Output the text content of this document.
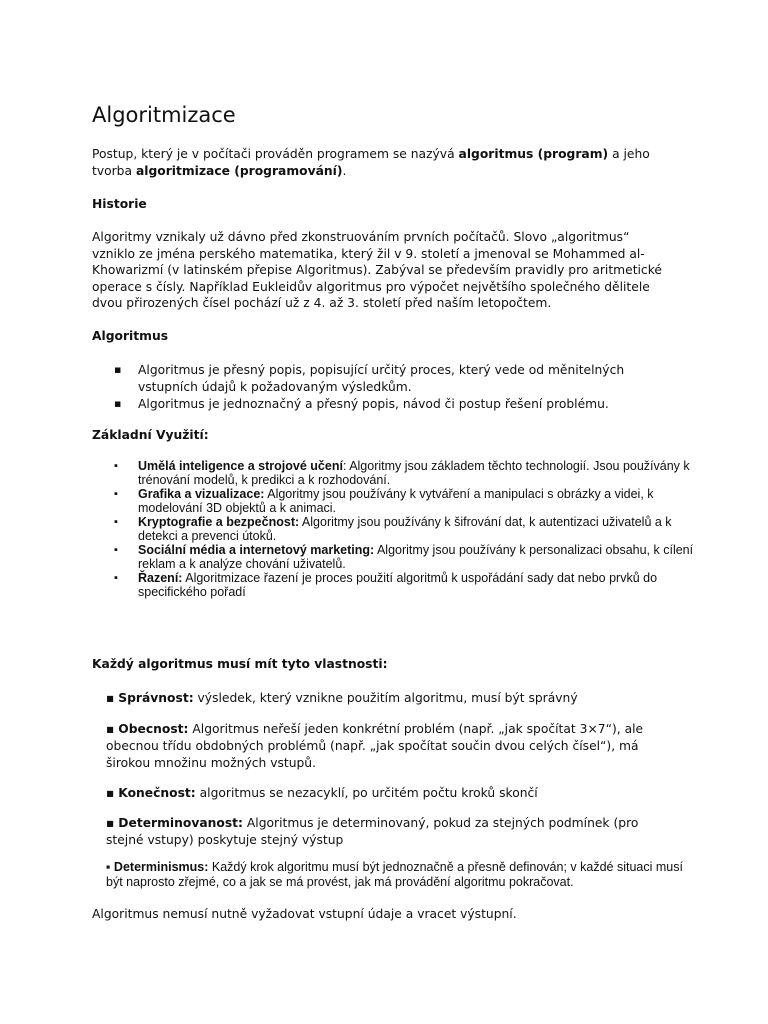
Algoritmizace

Postup, který je v počítači prováděn programem se nazývá algoritmus (program) a jeho tvorba algoritmizace (programování).

Historie

Algoritmy vznikaly už dávno před zkonstruováním prvních počítačů. Slovo „algoritmus“ vzniklo ze jména perského matematika, který žil v 9. století a jmenoval se Mohammed al-Khowarizmí (v latinském přepise Algoritmus). Zabýval se především pravidly pro aritmetické operace s čísly. Například Eukleidův algoritmus pro výpočet největšího společného dělitele dvou přirozených čísel pochází už z 4. až 3. století před naším letopočtem.

Algoritmus

▪ Algoritmus je přesný popis, popisující určitý proces, který vede od měnitelných vstupních údajů k požadovaným výsledkům.
▪ Algoritmus je jednoznačný a přesný popis, návod či postup řešení problému.

Základní Využití:

▪ Umělá inteligence a strojové učení: Algoritmy jsou základem těchto technologií. Jsou používány k trénování modelů, k predikci a k rozhodování.
▪ Grafika a vizualizace: Algoritmy jsou používány k vytváření a manipulaci s obrázky a videi, k modelování 3D objektů a k animaci.
▪ Kryptografie a bezpečnost: Algoritmy jsou používány k šifrování dat, k autentizaci uživatelů a k detekci a prevenci útoků.
▪ Sociální média a internetový marketing: Algoritmy jsou používány k personalizaci obsahu, k cílení reklam a k analýze chování uživatelů.
▪ Řazení: Algoritmizace řazení je proces použití algoritmů k uspořádání sady dat nebo prvků do specifického pořadí

Každý algoritmus musí mít tyto vlastnosti:

▪ Správnost: výsledek, který vznikne použitím algoritmu, musí být správný

▪ Obecnost: Algoritmus neřeší jeden konkrétní problém (např. „jak spočítat 3×7“), ale obecnou třídu obdobných problémů (např. „jak spočítat součin dvou celých čísel“), má širokou množinu možných vstupů.

▪ Konečnost: algoritmus se nezacyklí, po určitém počtu kroků skončí

▪ Determinovanost: Algoritmus je determinovaný, pokud za stejných podmínek (pro stejné vstupy) poskytuje stejný výstup

▪ Determinismus: Každý krok algoritmu musí být jednoznačně a přesně definován; v každé situaci musí být naprosto zřejmé, co a jak se má provést, jak má provádění algoritmu pokračovat.

Algoritmus nemusí nutně vyžadovat vstupní údaje a vracet výstupní.
